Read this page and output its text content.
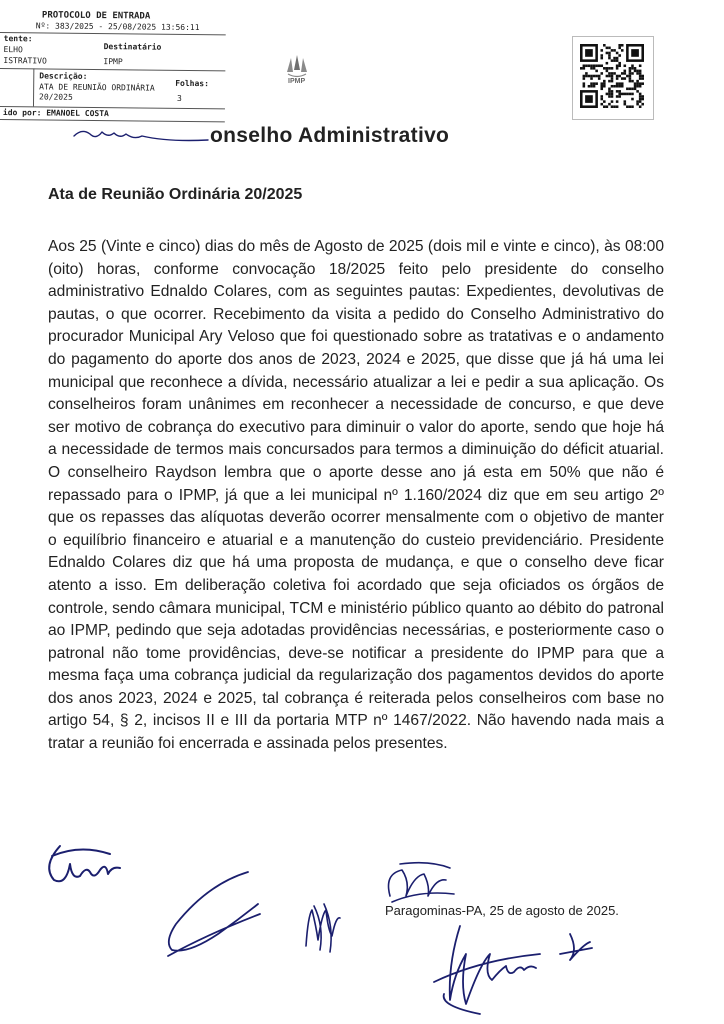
PROTOCOLO DE ENTRADA
Nº: 383/2025 - 25/08/2025 13:56:11
tente:
Destinatário
ELHO
ISTRATIVO	IPMP
Descrição:
Folhas:
ATA DE REUNIÃO ORDINÁRIA
20/2025	3
ido por: EMANOEL COSTA
IPMP
onselho Administrativo
Ata de Reunião Ordinária 20/2025
Aos 25 (Vinte e cinco) dias do mês de Agosto de 2025 (dois mil e vinte e cinco), às 08:00 (oito) horas, conforme convocação 18/2025 feito pelo presidente do conselho administrativo Ednaldo Colares, com as seguintes pautas: Expedientes, devolutivas de pautas, o que ocorrer. Recebimento da visita a pedido do Conselho Administrativo do procurador Municipal Ary Veloso que foi questionado sobre as tratativas e o andamento do pagamento do aporte dos anos de 2023, 2024 e 2025, que disse que já há uma lei municipal que reconhece a dívida, necessário atualizar a lei e pedir a sua aplicação. Os conselheiros foram unânimes em reconhecer a necessidade de concurso, e que deve ser motivo de cobrança do executivo para diminuir o valor do aporte, sendo que hoje há a necessidade de termos mais concursados para termos a diminuição do déficit atuarial. O conselheiro Raydson lembra que o aporte desse ano já esta em 50% que não é repassado para o IPMP, já que a lei municipal nº 1.160/2024 diz que em seu artigo 2º que os repasses das alíquotas deverão ocorrer mensalmente com o objetivo de manter o equilíbrio financeiro e atuarial e a manutenção do custeio previdenciário. Presidente Ednaldo Colares diz que há uma proposta de mudança, e que o conselho deve ficar atento a isso. Em deliberação coletiva foi acordado que seja oficiados os órgãos de controle, sendo câmara municipal, TCM e ministério público quanto ao débito do patronal ao IPMP, pedindo que seja adotadas providências necessárias, e posteriormente caso o patronal não tome providências, deve-se notificar a presidente do IPMP para que a mesma faça uma cobrança judicial da regularização dos pagamentos devidos do aporte dos anos 2023, 2024 e 2025, tal cobrança é reiterada pelos conselheiros com base no artigo 54, § 2, incisos II e III da portaria MTP nº 1467/2022. Não havendo nada mais a tratar a reunião foi encerrada e assinada pelos presentes.
Paragominas-PA, 25 de agosto de 2025.
